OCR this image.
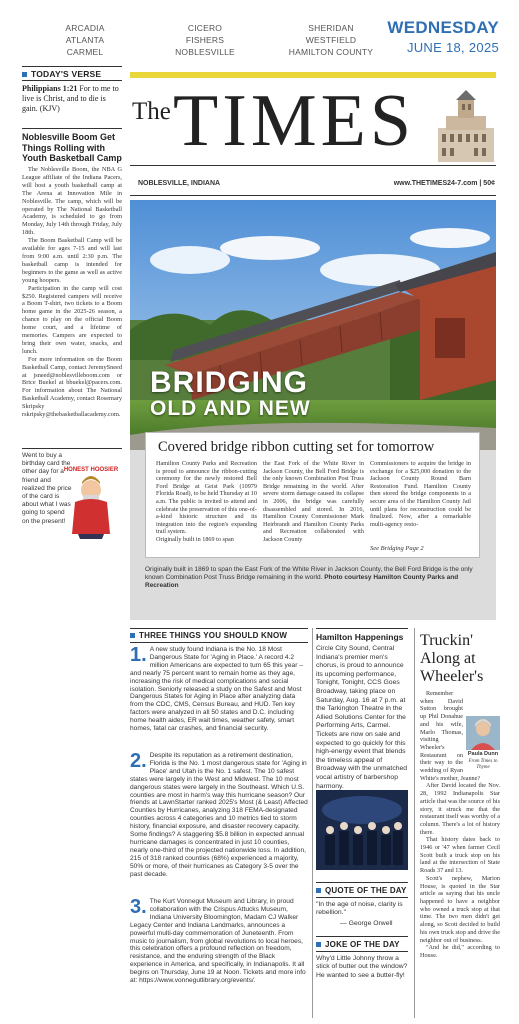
ARCADIA
ATLANTA
CARMEL
CICERO
FISHERS
NOBLESVILLE
SHERIDAN
WESTFIELD
HAMILTON COUNTY
WEDNESDAY
JUNE 18, 2025
TODAY'S VERSE
Philippians 1:21 For to me to live is Christ, and to die is gain. (KJV)
Noblesville Boom Get Things Rolling with Youth Basketball Camp

The Noblesville Boom, the NBA G League affiliate of the Indiana Pacers, will host a youth basketball camp at The Arena at Innovation Mile in Noblesville. The camp, which will be operated by The National Basketball Academy, is scheduled to go from Monday, July 14th through Friday, July 18th.

The Boom Basketball Camp will be available for ages 7-15 and will last from 9:00 a.m. until 2:30 p.m. The basketball camp is intended for beginners to the game as well as active young hoopers.

Participation in the camp will cost $250. Registered campers will receive a Boom T-shirt, two tickets to a Boom home game in the 2025-26 season, a chance to play on the official Boom home court, and a lifetime of memories. Campers are expected to bring their own water, snacks, and lunch.

For more information on the Boom Basketball Camp, contact JeremySneed at jsneed@noblesvilleboom.com or Brice Buekel at bbuekel@pacers.com. For information about The National Basketball Academy, contact Rosemary Skripsky rskripsky@thebasketballacademy.com.

Went to buy a birthday card the other day for a friend and realized the price of the card is about what I was going to spend on the present!
HONEST HOOSIER
The TIMES
NOBLESVILLE, INDIANA	www.THETIMES24-7.com | 50¢
BRIDGING
OLD AND NEW
Covered bridge ribbon cutting set for tomorrow
Hamilton County Parks and Recreation is proud to announce the ribbon-cutting ceremony for the newly restored Bell Ford Bridge at Geist Park (10979 Florida Road), to be held Thursday at 10 a.m. The public is invited to attend and celebrate the preservation of this one-of-a-kind historic structure and its integration into the region's expanding trail system.
Originally built in 1869 to span
the East Fork of the White River in Jackson County, the Bell Ford Bridge is the only known Combination Post Truss Bridge remaining in the world. After severe storm damage caused its collapse in 2006, the bridge was carefully disassembled and stored. In 2016, Hamilton County Commissioner Mark Heirbrandt and Hamilton County Parks and Recreation collaborated with Jackson County
Commissioners to acquire the bridge in exchange for a $25,000 donation to the Jackson County Round Barn Restoration Fund. Hamilton County then stored the bridge components in a secure area of the Hamilton County Jail until plans for reconstruction could be finalized. Now, after a remarkable multi-agency resto-
See Bridging Page 2
Originally built in 1869 to span the East Fork of the White River in Jackson County, the Bell Ford Bridge is the only known Combination Post Truss Bridge remaining in the world. Photo courtesy Hamilton County Parks and Recreation
THREE THINGS YOU SHOULD KNOW
1. A new study found Indiana is the No. 18 Most Dangerous State for 'Aging in Place.' A record 4.2 million Americans are expected to turn 65 this year – and nearly 75 percent want to remain home as they age, increasing the risk of medical complications and social isolation. Seniorly released a study on the Safest and Most Dangerous States for Aging in Place after analyzing data from the CDC, CMS, Census Bureau, and HUD. Ten key factors were analyzed in all 50 states and D.C. including home health aides, ER wait times, weather safety, smart homes, fatal car crashes, and financial security.
2. Despite its reputation as a retirement destination, Florida is the No. 1 most dangerous state for 'Aging in Place' and Utah is the No. 1 safest. The 10 safest states were largely in the West and Midwest. The 10 most dangerous states were largely in the Southeast. Which U.S. counties are most in harm's way this hurricane season? Our friends at LawnStarter ranked 2025's Most (& Least) Affected Counties by Hurricanes, analyzing 318 FEMA-designated counties across 4 categories and 10 metrics tied to storm history, financial exposure, and disaster recovery capacity. Some findings? A staggering $5.8 billion in expected annual hurricane damages is concentrated in just 10 counties, nearly one-third of the projected nationwide loss. In addition, 215 of 318 ranked counties (68%) experienced a majority, 50% or more, of their hurricanes as Category 3-5 over the past decade.
3. The Kurt Vonnegut Museum and Library, in proud collaboration with the Crispus Attucks Museum, Indiana University Bloomington, Madam CJ Walker Legacy Center and Indiana Landmarks, announces a powerful multi-day commemoration of Juneteenth. From music to journalism, from global revolutions to local heroes, this celebration offers a profound reflection on freedom, resistance, and the enduring strength of the Black experience in America, and specifically, in Indianapolis. It all begins on Thursday, June 19 at Noon. Tickets and more info at: https://www.vonnegutlibrary.org/events/.
Hamilton Happenings
Circle City Sound, Central Indiana's premier men's chorus, is proud to announce its upcoming performance, Tonight, Tonight, CCS Goes Broadway, taking place on Saturday, Aug. 16 at 7 p.m. at the Tarkington Theatre in the Allied Solutions Center for the Performing Arts, Carmel. Tickets are now on sale and expected to go quickly for this high-energy event that blends the timeless appeal of Broadway with the unmatched vocal artistry of barbershop harmony.
QUOTE OF THE DAY
"In the age of noise, clarity is rebellion."
— George Orwell
JOKE OF THE DAY
Why'd Little Johnny throw a stick of butter out the window? He wanted to see a butter-fly!
Truckin' Along at Wheeler's
Paula Dunn
From Times to Thyme

Remember when David Sutton brought up Phil Donahue and his wife, Marlo Thomas, visiting Wheeler's Restaurant on their way to the wedding of Ryan White's mother, Jeanne?

After David located the Nov. 28, 1992 Indianapolis Star article that was the source of his story, it struck me that the restaurant itself was worthy of a column. There's a lot of history there.

That history dates back to 1946 or '47 when farmer Cecil Scott built a truck stop on his land at the intersection of State Roads 37 and 13.

Scott's nephew, Marion House, is quoted in the Star article as saying that his uncle happened to have a neighbor who owned a truck stop at that time. The two men didn't get along, so Scott decided to build his own truck stop and drive the neighbor out of business.

"And he did," according to House.
